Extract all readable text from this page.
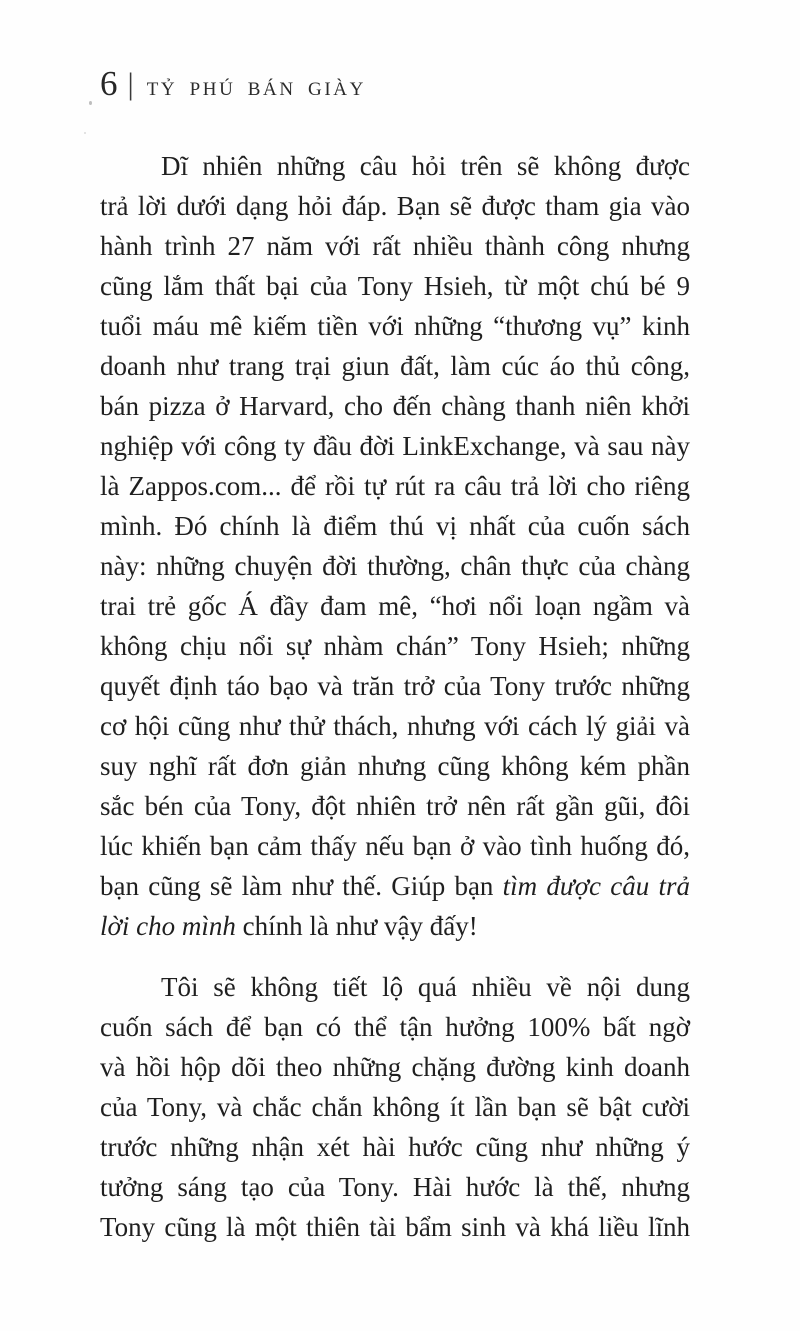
6 | TỶ PHÚ BÁN GIÀY
Dĩ nhiên những câu hỏi trên sẽ không được
trả lời dưới dạng hỏi đáp. Bạn sẽ được tham gia vào
hành trình 27 năm với rất nhiều thành công nhưng
cũng lắm thất bại của Tony Hsieh, từ một chú bé 9
tuổi máu mê kiếm tiền với những “thương vụ” kinh
doanh như trang trại giun đất, làm cúc áo thủ công,
bán pizza ở Harvard, cho đến chàng thanh niên khởi
nghiệp với công ty đầu đời LinkExchange, và sau này
là Zappos.com... để rồi tự rút ra câu trả lời cho riêng
mình. Đó chính là điểm thú vị nhất của cuốn sách
này: những chuyện đời thường, chân thực của chàng
trai trẻ gốc Á đầy đam mê, “hơi nổi loạn ngầm và
không chịu nổi sự nhàm chán” Tony Hsieh; những
quyết định táo bạo và trăn trở của Tony trước những
cơ hội cũng như thử thách, nhưng với cách lý giải và
suy nghĩ rất đơn giản nhưng cũng không kém phần
sắc bén của Tony, đột nhiên trở nên rất gần gũi, đôi
lúc khiến bạn cảm thấy nếu bạn ở vào tình huống đó,
bạn cũng sẽ làm như thế. Giúp bạn tìm được câu trả
lời cho mình chính là như vậy đấy!
Tôi sẽ không tiết lộ quá nhiều về nội dung
cuốn sách để bạn có thể tận hưởng 100% bất ngờ
và hồi hộp dõi theo những chặng đường kinh doanh
của Tony, và chắc chắn không ít lần bạn sẽ bật cười
trước những nhận xét hài hước cũng như những ý
tưởng sáng tạo của Tony. Hài hước là thế, nhưng
Tony cũng là một thiên tài bẩm sinh và khá liều lĩnh
